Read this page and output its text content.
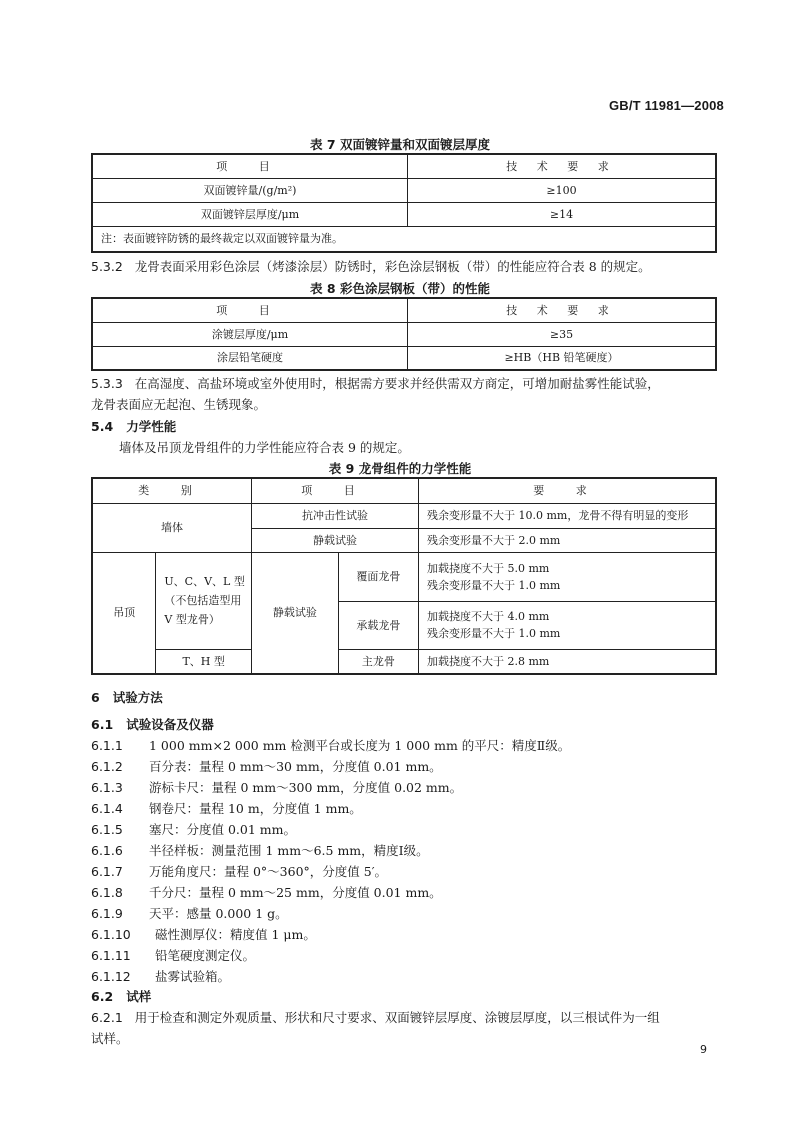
GB/T 11981—2008
表 7 双面镀锌量和双面镀层厚度
项 目	技 术 要 求
双面镀锌量/(g/m²)	≥100
双面镀锌层厚度/μm	≥14
注：表面镀锌防锈的最终裁定以双面镀锌量为准。	
5.3.2 龙骨表面采用彩色涂层（烤漆涂层）防锈时，彩色涂层钢板（带）的性能应符合表 8 的规定。
表 8 彩色涂层钢板（带）的性能
项 目	技 术 要 求
涂镀层厚度/μm	≥35
涂层铅笔硬度	≥HB（HB 铅笔硬度）
5.3.3 在高湿度、高盐环境或室外使用时，根据需方要求并经供需双方商定，可增加耐盐雾性能试验，
龙骨表面应无起泡、生锈现象。
5.4 力学性能
墙体及吊顶龙骨组件的力学性能应符合表 9 的规定。
表 9 龙骨组件的力学性能
类 别		项 目		要 求
墙体		抗冲击性试验		残余变形量不大于 10.0 mm，龙骨不得有明显的变形
		静载试验		残余变形量不大于 2.0 mm
吊顶	U、C、V、L 型（不包括造型用 V 型龙骨）	静载试验	覆面龙骨	加载挠度不大于 5.0 mm
残余变形量不大于 1.0 mm

			承载龙骨	加载挠度不大于 4.0 mm
残余变形量不大于 1.0 mm

	T、H 型		主龙骨	加载挠度不大于 2.8 mm
6 试验方法
6.1 试验设备及仪器
6.1.1 1 000 mm×2 000 mm 检测平台或长度为 1 000 mm 的平尺：精度Ⅱ级。
6.1.2 百分表：量程 0 mm～30 mm，分度值 0.01 mm。
6.1.3 游标卡尺：量程 0 mm～300 mm，分度值 0.02 mm。
6.1.4 钢卷尺：量程 10 m，分度值 1 mm。
6.1.5 塞尺：分度值 0.01 mm。
6.1.6 半径样板：测量范围 1 mm～6.5 mm，精度Ⅰ级。
6.1.7 万能角度尺：量程 0°～360°，分度值 5′。
6.1.8 千分尺：量程 0 mm～25 mm，分度值 0.01 mm。
6.1.9 天平：感量 0.000 1 g。
6.1.10 磁性测厚仪：精度值 1 μm。
6.1.11 铅笔硬度测定仪。
6.1.12 盐雾试验箱。
6.2 试样
6.2.1 用于检查和测定外观质量、形状和尺寸要求、双面镀锌层厚度、涂镀层厚度，以三根试件为一组
试样。
9
